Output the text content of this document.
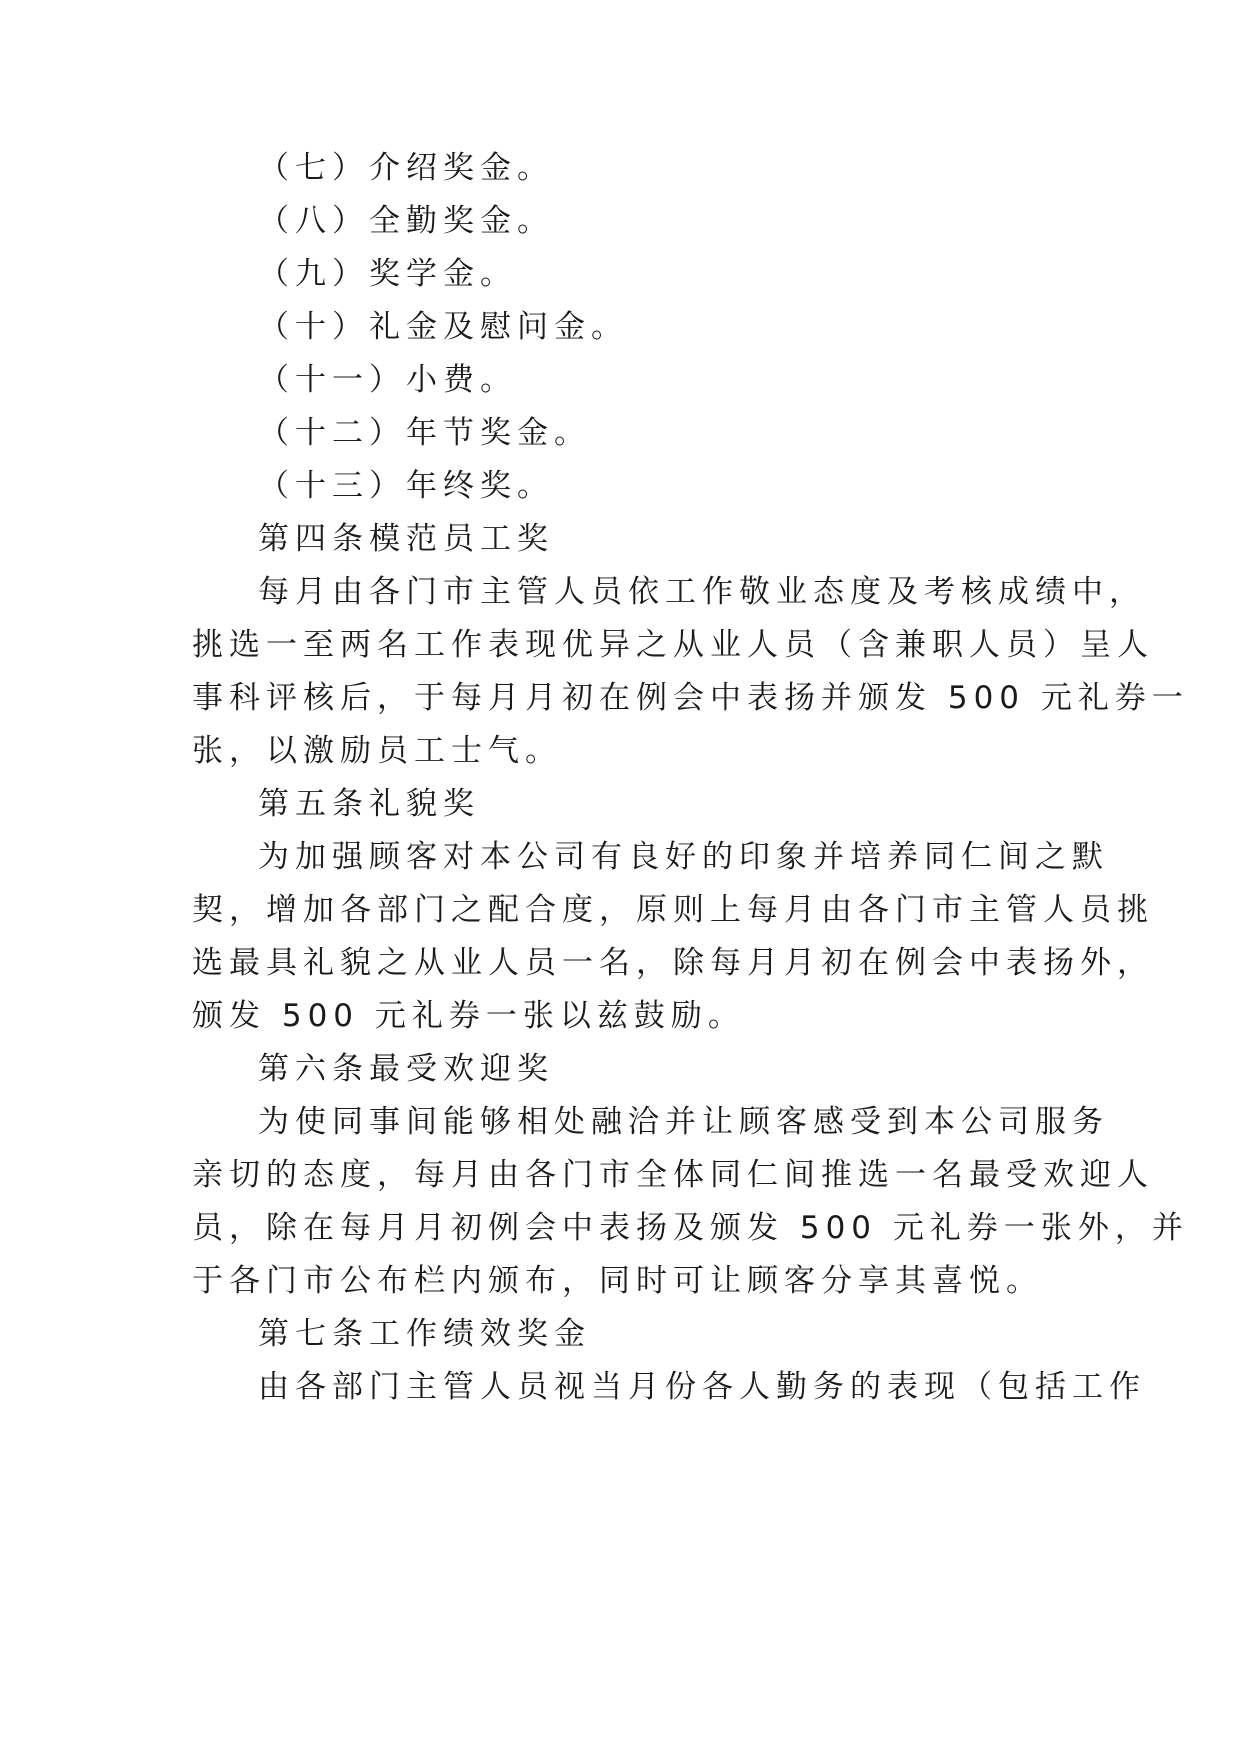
（七）介绍奖金。
（八）全勤奖金。
（九）奖学金。
（十）礼金及慰问金。
（十一）小费。
（十二）年节奖金。
（十三）年终奖。
第四条模范员工奖
每月由各门市主管人员依工作敬业态度及考核成绩中，
挑选一至两名工作表现优异之从业人员（含兼职人员）呈人
事科评核后，于每月月初在例会中表扬并颁发 500 元礼券一
张，以激励员工士气。
第五条礼貌奖
为加强顾客对本公司有良好的印象并培养同仁间之默
契，增加各部门之配合度，原则上每月由各门市主管人员挑
选最具礼貌之从业人员一名，除每月月初在例会中表扬外，
颁发 500 元礼券一张以兹鼓励。
第六条最受欢迎奖
为使同事间能够相处融洽并让顾客感受到本公司服务
亲切的态度，每月由各门市全体同仁间推选一名最受欢迎人
员，除在每月月初例会中表扬及颁发 500 元礼券一张外，并
于各门市公布栏内颁布，同时可让顾客分享其喜悦。
第七条工作绩效奖金
由各部门主管人员视当月份各人勤务的表现（包括工作
